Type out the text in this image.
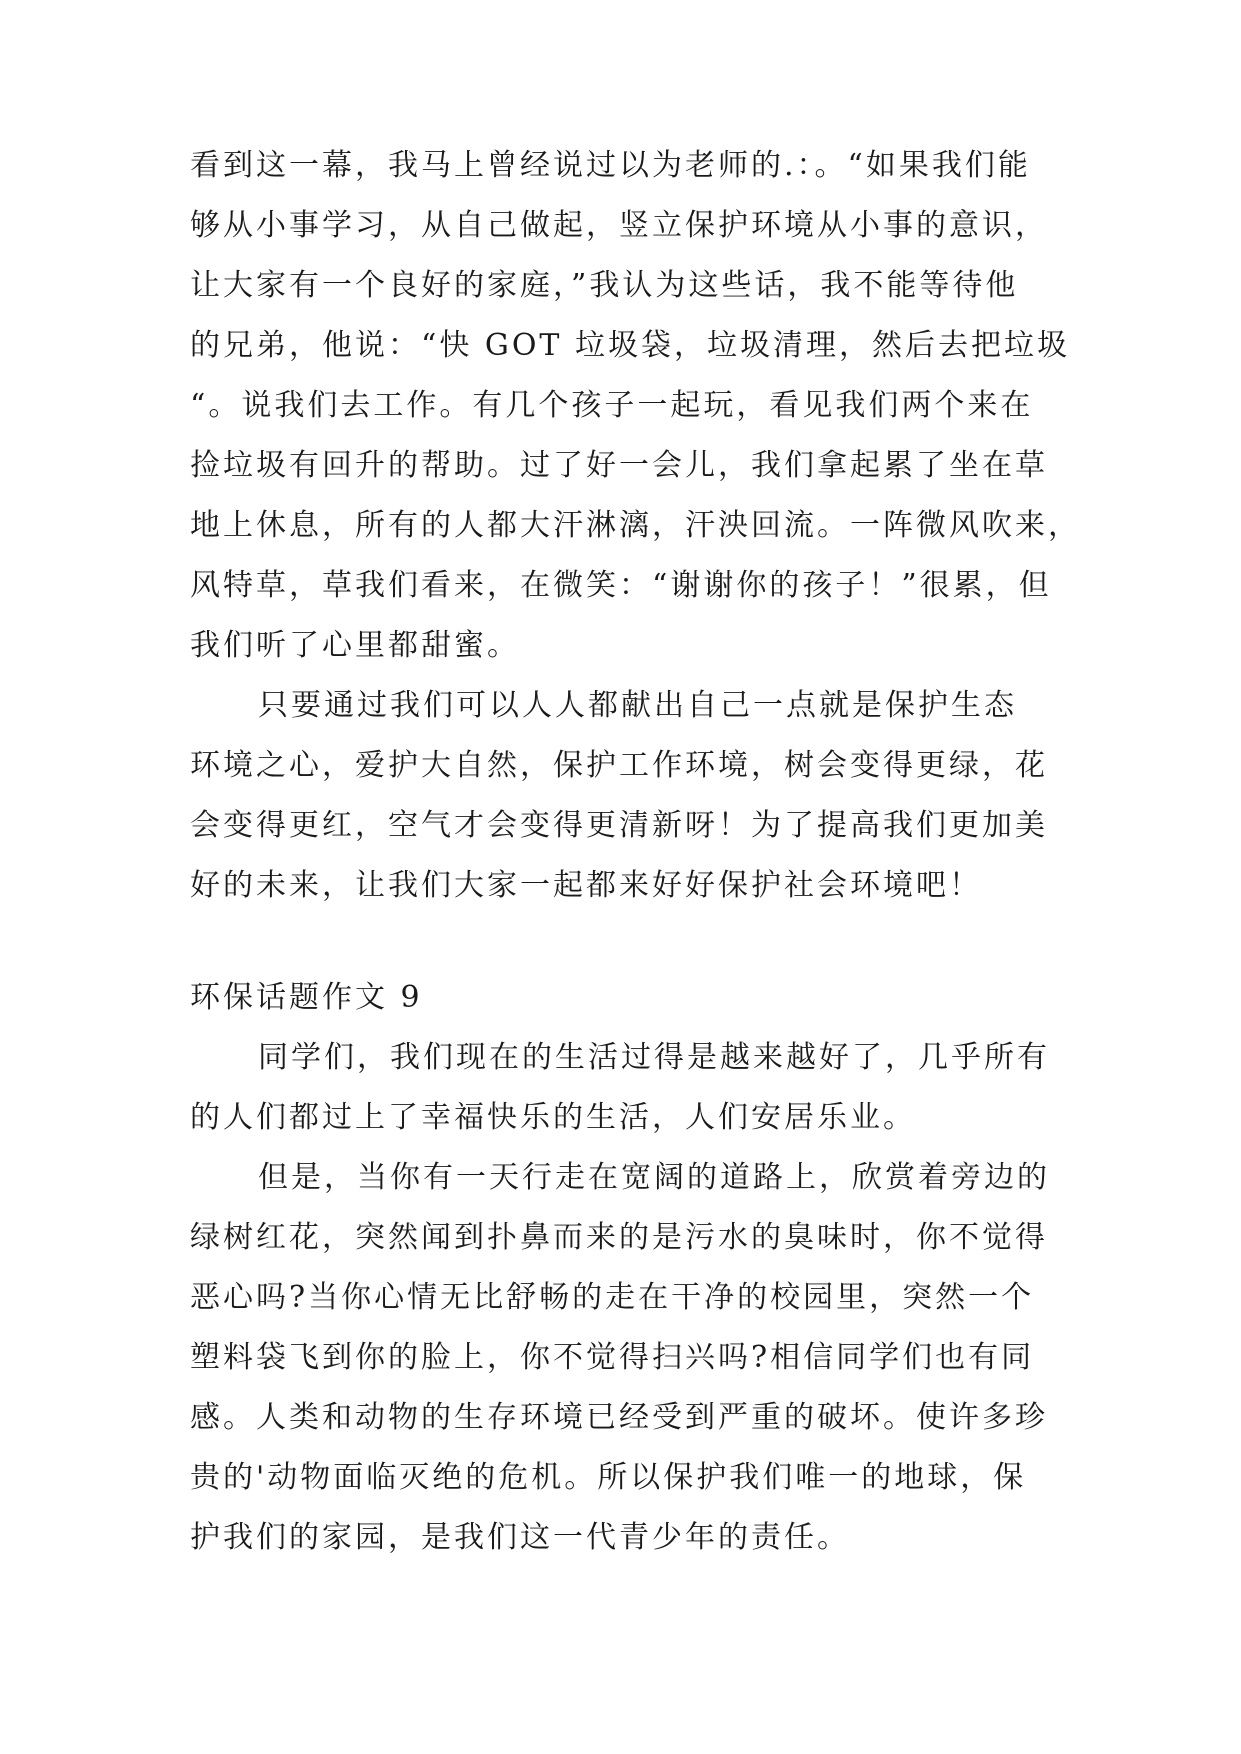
看到这一幕，我马上曾经说过以为老师的.：。“如果我们能
够从小事学习，从自己做起，竖立保护环境从小事的意识，
让大家有一个良好的家庭，”我认为这些话，我不能等待他
的兄弟，他说：“快 GOT 垃圾袋，垃圾清理，然后去把垃圾
“。说我们去工作。有几个孩子一起玩，看见我们两个来在
捡垃圾有回升的帮助。过了好一会儿，我们拿起累了坐在草
地上休息，所有的人都大汗淋漓，汗泱回流。一阵微风吹来，
风特草，草我们看来，在微笑：“谢谢你的孩子！”很累，但
我们听了心里都甜蜜。
只要通过我们可以人人都献出自己一点就是保护生态
环境之心，爱护大自然，保护工作环境，树会变得更绿，花
会变得更红，空气才会变得更清新呀！为了提高我们更加美
好的未来，让我们大家一起都来好好保护社会环境吧！
环保话题作文 9
同学们，我们现在的生活过得是越来越好了，几乎所有
的人们都过上了幸福快乐的生活，人们安居乐业。
但是，当你有一天行走在宽阔的道路上，欣赏着旁边的
绿树红花，突然闻到扑鼻而来的是污水的臭味时，你不觉得
恶心吗?当你心情无比舒畅的走在干净的校园里，突然一个
塑料袋飞到你的脸上，你不觉得扫兴吗?相信同学们也有同
感。人类和动物的生存环境已经受到严重的破坏。使许多珍
贵的'动物面临灭绝的危机。所以保护我们唯一的地球，保
护我们的家园，是我们这一代青少年的责任。
